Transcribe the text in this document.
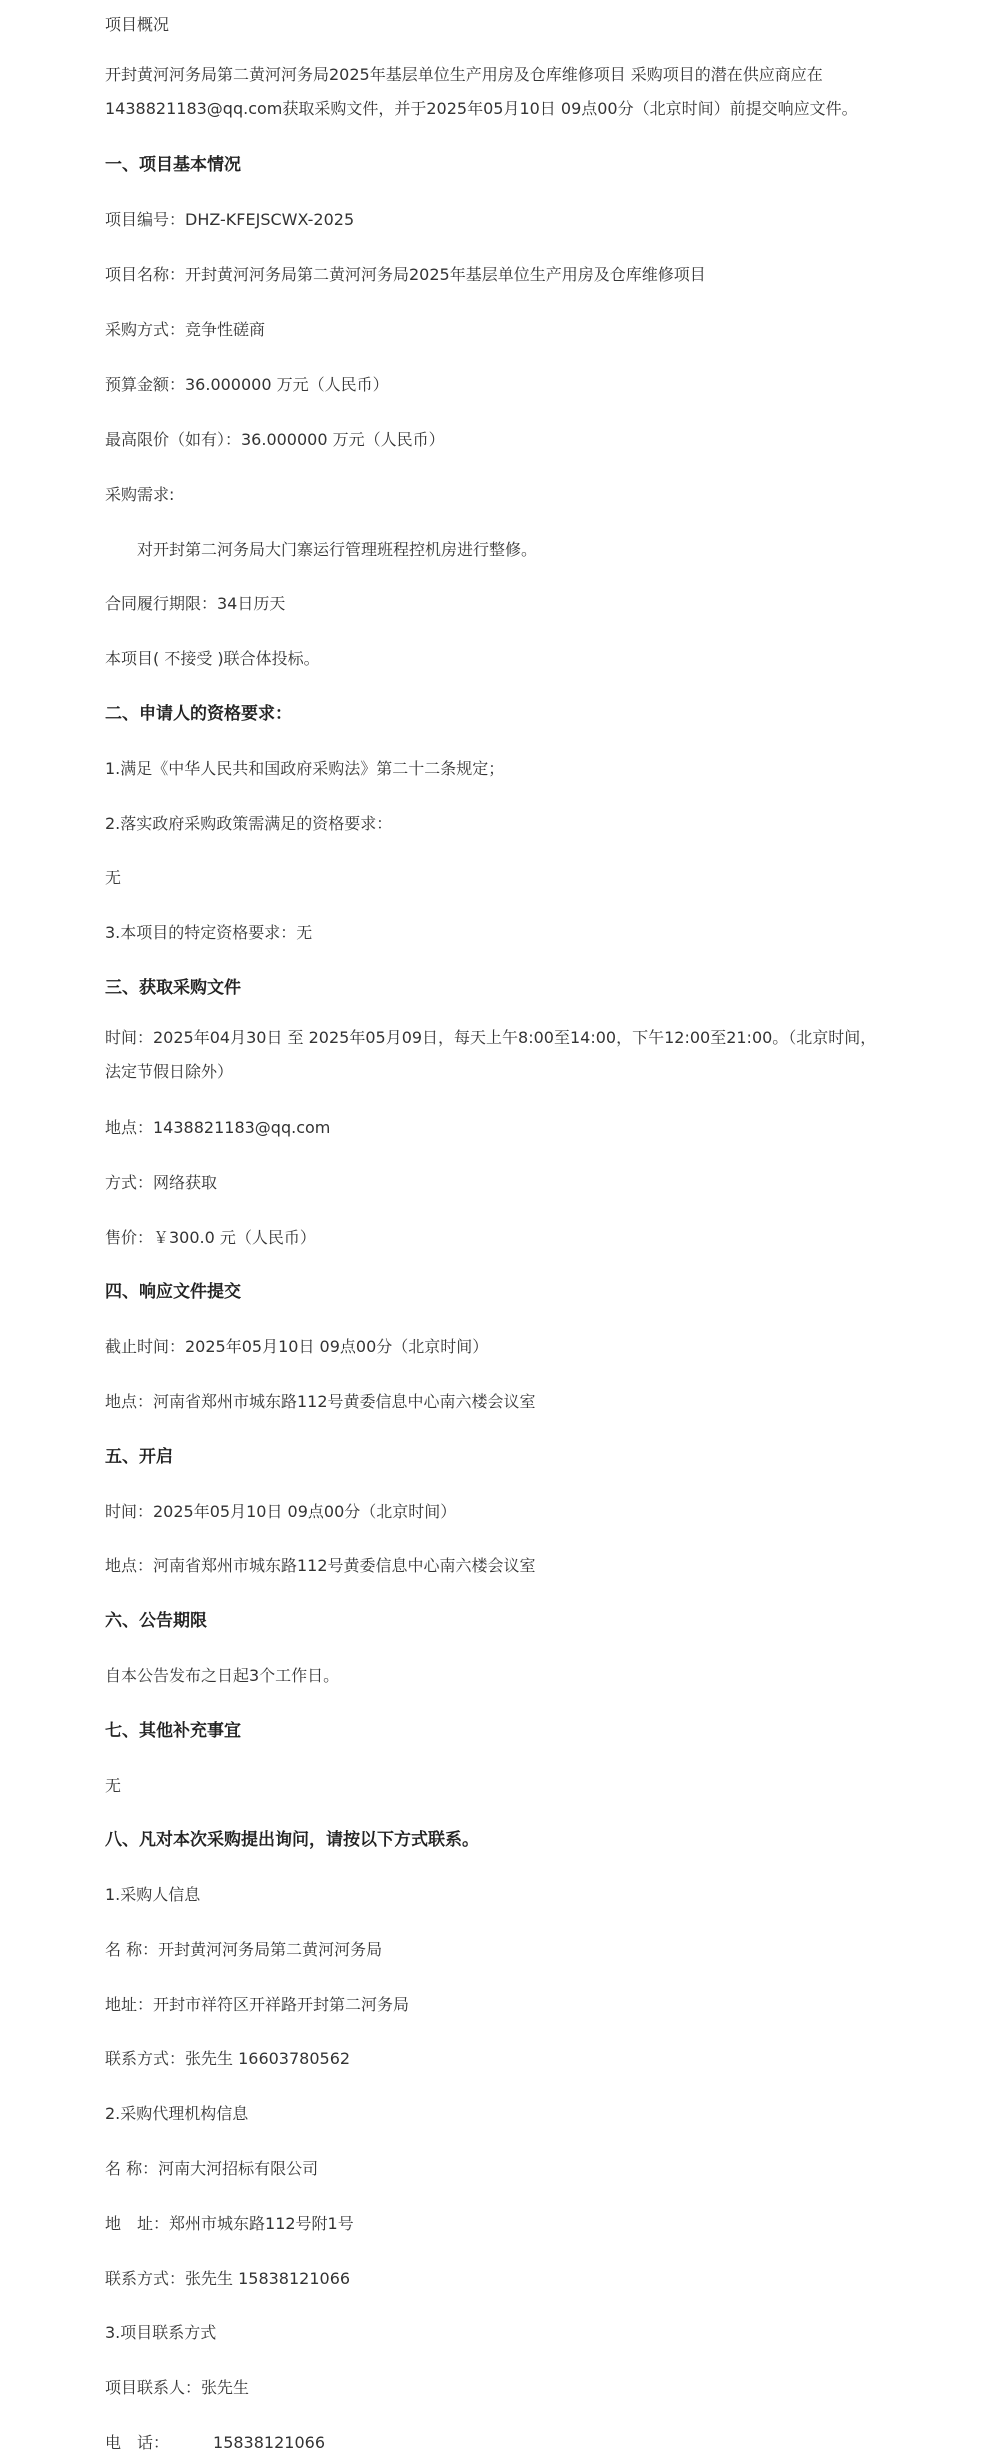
项目概况
开封黄河河务局第二黄河河务局2025年基层单位生产用房及仓库维修项目 采购项目的潜在供应商应在1438821183@qq.com获取采购文件，并于2025年05月10日 09点00分（北京时间）前提交响应文件。
一、项目基本情况
项目编号：DHZ-KFEJSCWX-2025
项目名称：开封黄河河务局第二黄河河务局2025年基层单位生产用房及仓库维修项目
采购方式：竞争性磋商
预算金额：36.000000 万元（人民币）
最高限价（如有）：36.000000 万元（人民币）
采购需求:
对开封第二河务局大门寨运行管理班程控机房进行整修。
合同履行期限：34日历天
本项目( 不接受 )联合体投标。
二、申请人的资格要求：
1.满足《中华人民共和国政府采购法》第二十二条规定；
2.落实政府采购政策需满足的资格要求：
无
3.本项目的特定资格要求：无
三、获取采购文件
时间：2025年04月30日 至 2025年05月09日，每天上午8:00至14:00，下午12:00至21:00。（北京时间，法定节假日除外）
地点：1438821183@qq.com
方式：网络获取
售价：￥300.0 元（人民币）
四、响应文件提交
截止时间：2025年05月10日 09点00分（北京时间）
地点：河南省郑州市城东路112号黄委信息中心南六楼会议室
五、开启
时间：2025年05月10日 09点00分（北京时间）
地点：河南省郑州市城东路112号黄委信息中心南六楼会议室
六、公告期限
自本公告发布之日起3个工作日。
七、其他补充事宜
无
八、凡对本次采购提出询问，请按以下方式联系。
1.采购人信息
名 称：开封黄河河务局第二黄河河务局
地址：开封市祥符区开祥路开封第二河务局
联系方式：张先生 16603780562
2.采购代理机构信息
名 称：河南大河招标有限公司
地　址：郑州市城东路112号附1号
联系方式：张先生 15838121066
3.项目联系方式
项目联系人：张先生
电　话：	15838121066
